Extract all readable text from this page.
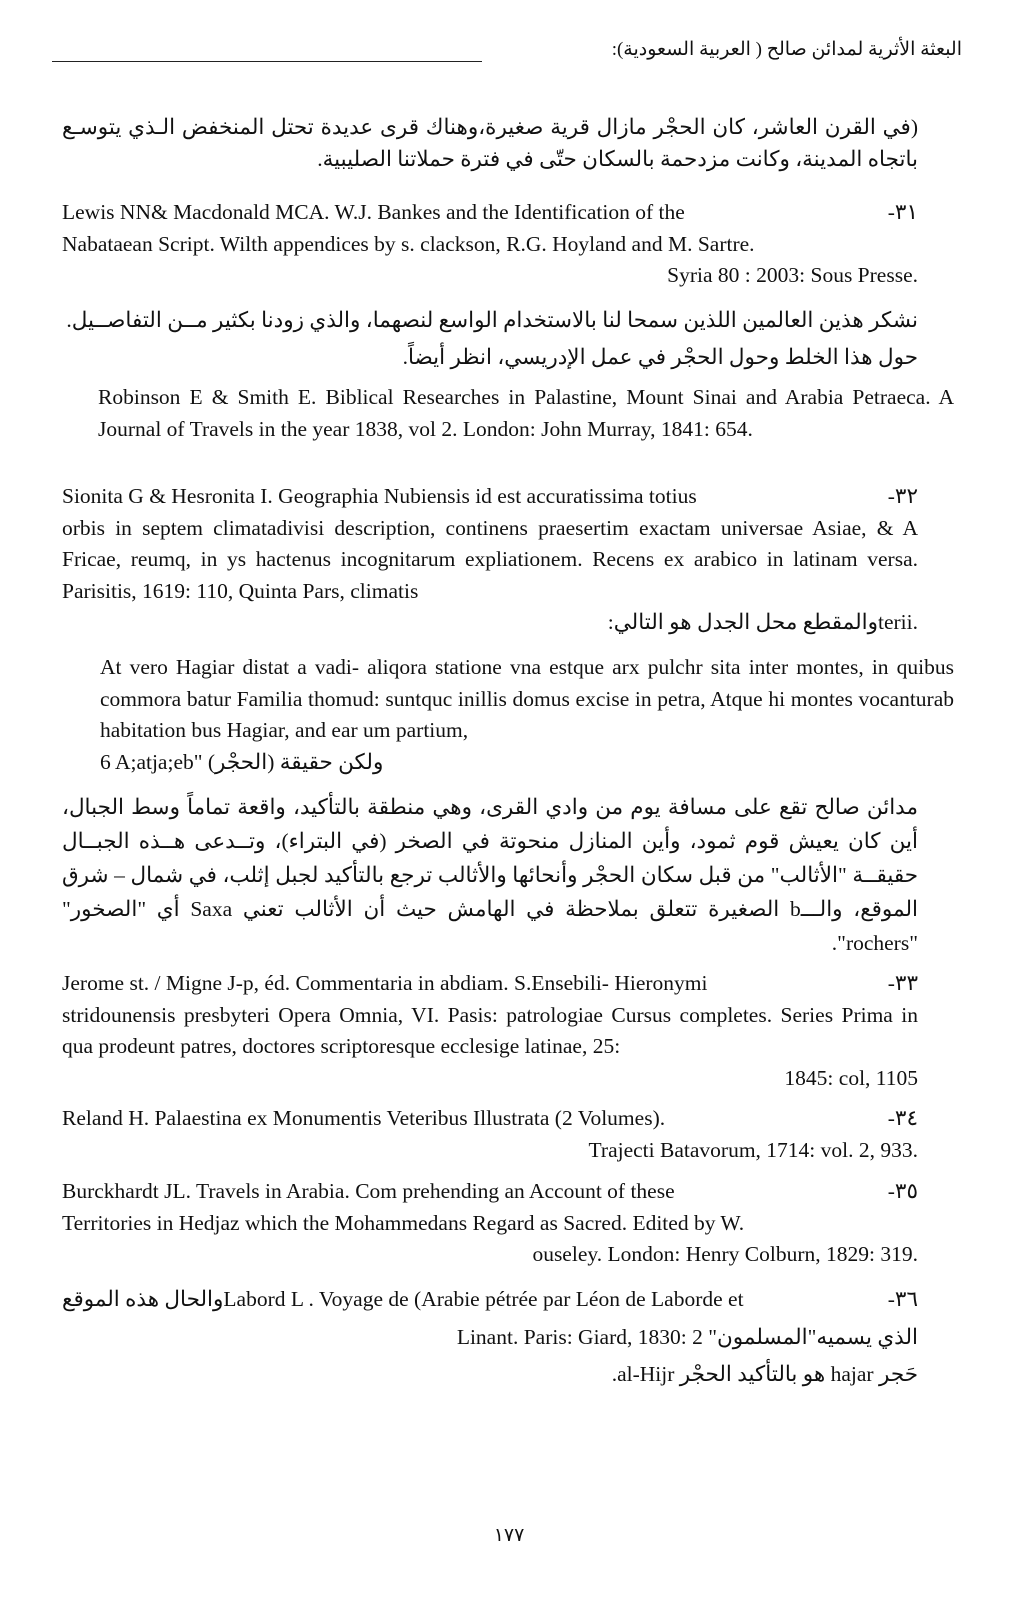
البعثة الأثرية لمدائن صالح ( العربية السعودية):
(في القرن العاشر، كان الحجْر مازال قرية صغيرة،وهناك قرى عديدة تحتل المنخفض الـذي يتوسـع باتجاه المدينة، وكانت مزدحمة بالسكان حتّى في فترة حملاتنا الصليبية.
٣١-
Lewis NN& Macdonald MCA. W.J. Bankes and the Identification of the
Nabataean Script. Wilth appendices by s. clackson, R.G. Hoyland and M. Sartre.
Syria 80 : 2003: Sous Presse.
نشكر هذين العالمين اللذين سمحا لنا بالاستخدام الواسع لنصهما، والذي زودنا بكثير مــن التفاصــيل.
حول هذا الخلط وحول الحجْر في عمل الإدريسي، انظر أيضاً.
Robinson E & Smith E. Biblical Researches in Palastine, Mount Sinai and Arabia Petraeca. A Journal of Travels in the year 1838, vol 2. London: John Murray, 1841: 654.
٣٢-
Sionita G & Hesronita I. Geographia Nubiensis id est accuratissima totius
orbis in septem climatadivisi description, continens praesertim exactam universae Asiae, & A Fricae, reumq, in ys hactenus incognitarum expliationem. Recens ex arabico in latinam versa. Parisitis, 1619: 110, Quinta Pars, climatis
والمقطع محل الجدل هو التالي:terii.
At vero Hagiar distat a vadi- aliqora statione vna estque arx pulchr sita inter montes, in quibus commora batur Familia thomud: suntquc inillis domus excise in petra, Atque hi montes vocanturab habitation bus Hagiar, and ear um partium,
6 A;atja;eb" ولكن حقيقة (الحجْر)
مدائن صالح تقع على مسافة يوم من وادي القرى، وهي منطقة بالتأكيد، واقعة تماماً وسط الجبال، أين كان يعيش قوم ثمود، وأين المنازل منحوتة في الصخر (في البتراء)، وتــدعى هــذه الجبــال حقيقــة "الأثالب" من قبل سكان الحجْر وأنحائها والأثالب ترجع بالتأكيد لجبل إثلب، في شمال – شرق الموقع، والـــb الصغيرة تتعلق بملاحظة في الهامش حيث أن الأثالب تعني Saxa أي "الصخور" "rochers".
٣٣-
Jerome st. / Migne J-p, éd. Commentaria in abdiam. S.Ensebili- Hieronymi
stridounensis presbyteri Opera Omnia, VI. Pasis: patrologiae Cursus completes. Series Prima in qua prodeunt patres, doctores scriptoresque ecclesige latinae, 25:
1845: col, 1105
٣٤-
Reland H. Palaestina ex Monumentis Veteribus Illustrata (2 Volumes).
Trajecti Batavorum, 1714: vol. 2, 933.
٣٥-
Burckhardt JL. Travels in Arabia. Com prehending an Account of these
Territories in Hedjaz which the Mohammedans Regard as Sacred. Edited by W.
ouseley. London: Henry Colburn, 1829: 319.
٣٦-
والحال هذه الموقعLabord L . Voyage de (Arabie pétrée par Léon de Laborde et
Linant. Paris: Giard, 1830: 2 الذي يسميه"المسلمون"
.al-Hijr هو بالتأكيد الحجْر hajar حَجر
١٧٧
